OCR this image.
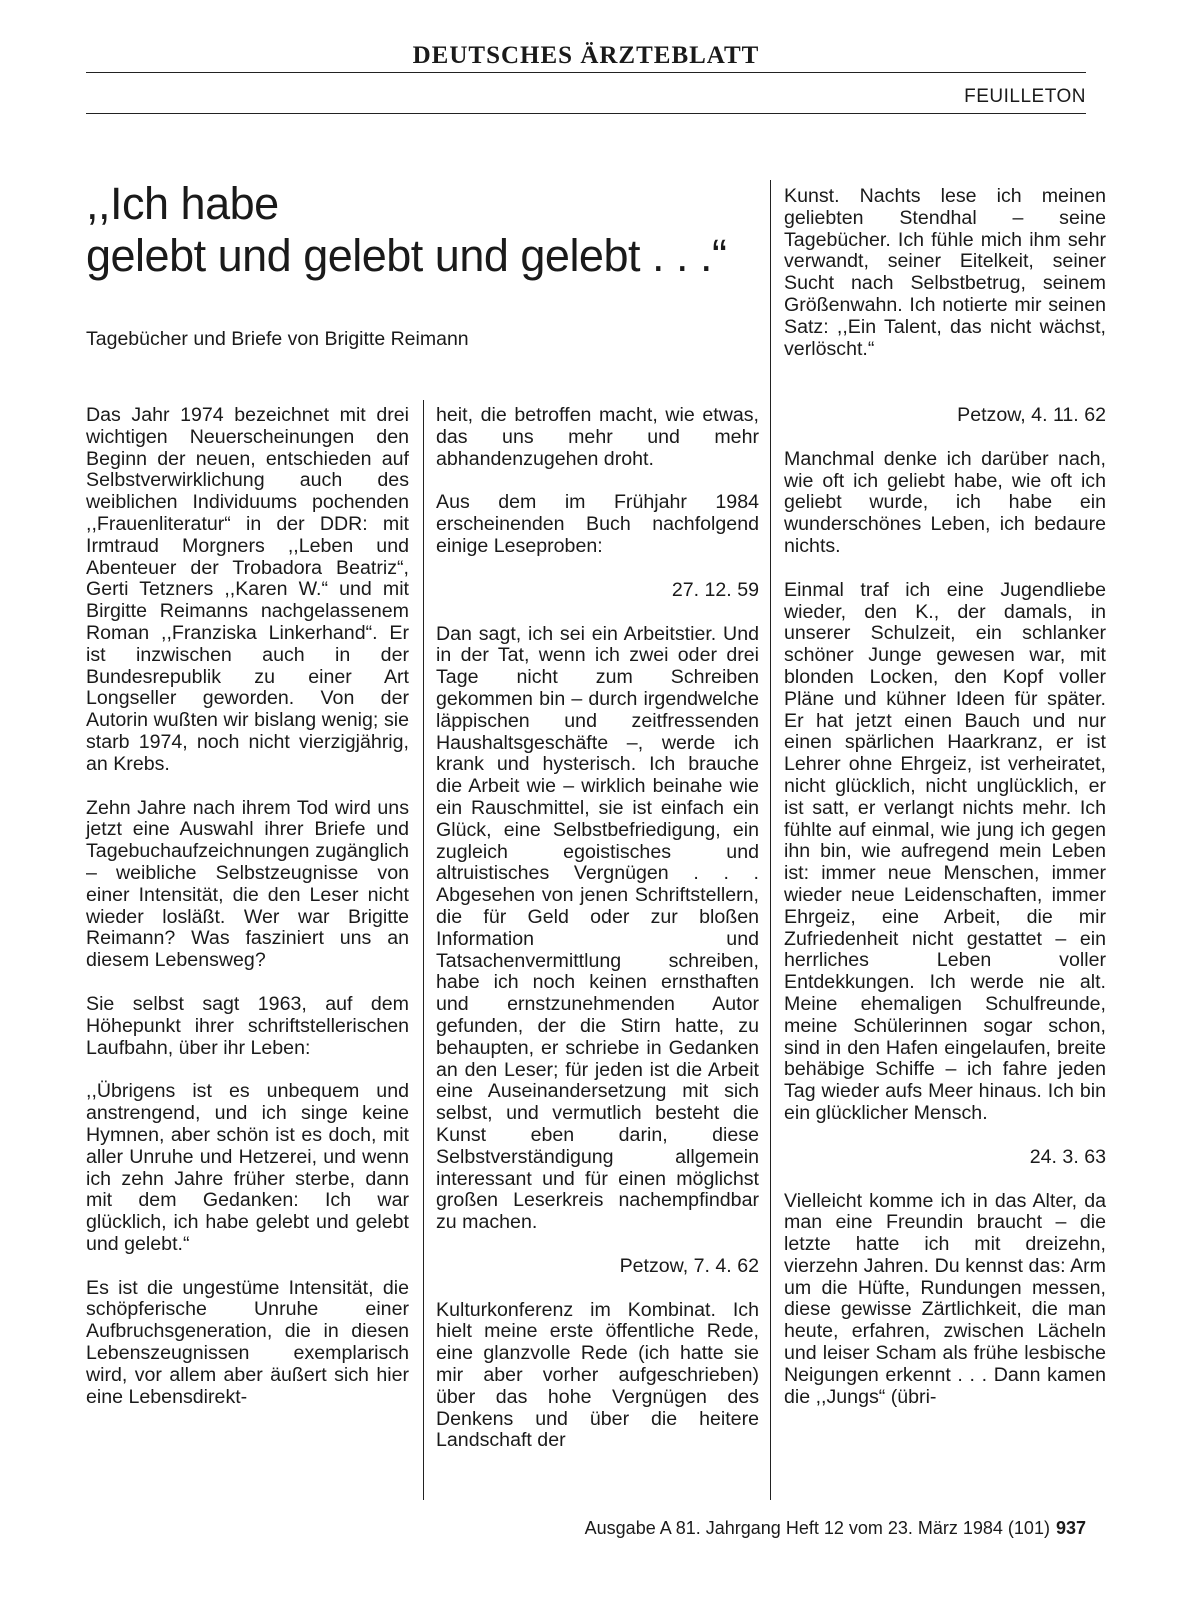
DEUTSCHES ÄRZTEBLATT
FEUILLETON
,,Ich habe
gelebt und gelebt und gelebt . . .“
Tagebücher und Briefe von Brigitte Reimann
Kunst. Nachts lese ich meinen geliebten Stendhal – seine Tagebücher. Ich fühle mich ihm sehr verwandt, seiner Eitelkeit, seiner Sucht nach Selbstbetrug, seinem Größenwahn. Ich notierte mir seinen Satz: ,,Ein Talent, das nicht wächst, verlöscht.“

Das Jahr 1974 bezeichnet mit drei wichtigen Neuerscheinungen den Beginn der neuen, entschieden auf Selbstverwirklichung auch des weiblichen Individuums pochenden ,,Frauenliteratur“ in der DDR: mit Irmtraud Morgners ,,Leben und Abenteuer der Trobadora Beatriz“, Gerti Tetzners ,,Karen W.“ und mit Birgitte Reimanns nachgelassenem Roman ,,Franziska Linkerhand“. Er ist inzwischen auch in der Bundesrepublik zu einer Art Longseller geworden. Von der Autorin wußten wir bislang wenig; sie starb 1974, noch nicht vierzigjährig, an Krebs.

Zehn Jahre nach ihrem Tod wird uns jetzt eine Auswahl ihrer Briefe und Tagebuchaufzeichnungen zugänglich – weibliche Selbstzeugnisse von einer Intensität, die den Leser nicht wieder losläßt. Wer war Brigitte Reimann? Was fasziniert uns an diesem Lebensweg?

Sie selbst sagt 1963, auf dem Höhepunkt ihrer schriftstellerischen Laufbahn, über ihr Leben:

,,Übrigens ist es unbequem und anstrengend, und ich singe keine Hymnen, aber schön ist es doch, mit aller Unruhe und Hetzerei, und wenn ich zehn Jahre früher sterbe, dann mit dem Gedanken: Ich war glücklich, ich habe gelebt und gelebt und gelebt.“

Es ist die ungestüme Intensität, die schöpferische Unruhe einer Aufbruchsgeneration, die in diesen Lebenszeugnissen exemplarisch wird, vor allem aber äußert sich hier eine Lebensdirekt-

heit, die betroffen macht, wie etwas, das uns mehr und mehr abhandenzugehen droht.

Aus dem im Frühjahr 1984 erscheinenden Buch nachfolgend einige Leseproben:

27. 12. 59

Dan sagt, ich sei ein Arbeitstier. Und in der Tat, wenn ich zwei oder drei Tage nicht zum Schreiben gekommen bin – durch irgendwelche läppischen und zeitfressenden Haushaltsgeschäfte –, werde ich krank und hysterisch. Ich brauche die Arbeit wie – wirklich beinahe wie ein Rauschmittel, sie ist einfach ein Glück, eine Selbstbefriedigung, ein zugleich egoistisches und altruistisches Vergnügen . . . Abgesehen von jenen Schriftstellern, die für Geld oder zur bloßen Information und Tatsachenvermittlung schreiben, habe ich noch keinen ernsthaften und ernstzunehmenden Autor gefunden, der die Stirn hatte, zu behaupten, er schriebe in Gedanken an den Leser; für jeden ist die Arbeit eine Auseinandersetzung mit sich selbst, und vermutlich besteht die Kunst eben darin, diese Selbstverständigung allgemein interessant und für einen möglichst großen Leserkreis nachempfindbar zu machen.

Petzow, 7. 4. 62

Kulturkonferenz im Kombinat. Ich hielt meine erste öffentliche Rede, eine glanzvolle Rede (ich hatte sie mir aber vorher aufgeschrieben) über das hohe Vergnügen des Denkens und über die heitere Landschaft der

Petzow, 4. 11. 62

Manchmal denke ich darüber nach, wie oft ich geliebt habe, wie oft ich geliebt wurde, ich habe ein wunderschönes Leben, ich bedaure nichts.

Einmal traf ich eine Jugendliebe wieder, den K., der damals, in unserer Schulzeit, ein schlanker schöner Junge gewesen war, mit blonden Locken, den Kopf voller Pläne und kühner Ideen für später. Er hat jetzt einen Bauch und nur einen spärlichen Haarkranz, er ist Lehrer ohne Ehrgeiz, ist verheiratet, nicht glücklich, nicht unglücklich, er ist satt, er verlangt nichts mehr. Ich fühlte auf einmal, wie jung ich gegen ihn bin, wie aufregend mein Leben ist: immer neue Menschen, immer wieder neue Leidenschaften, immer Ehrgeiz, eine Arbeit, die mir Zufriedenheit nicht gestattet – ein herrliches Leben voller Entdekkungen. Ich werde nie alt. Meine ehemaligen Schulfreunde, meine Schülerinnen sogar schon, sind in den Hafen eingelaufen, breite behäbige Schiffe – ich fahre jeden Tag wieder aufs Meer hinaus. Ich bin ein glücklicher Mensch.

24. 3. 63

Vielleicht komme ich in das Alter, da man eine Freundin braucht – die letzte hatte ich mit dreizehn, vierzehn Jahren. Du kennst das: Arm um die Hüfte, Rundungen messen, diese gewisse Zärtlichkeit, die man heute, erfahren, zwischen Lächeln und leiser Scham als frühe lesbische Neigungen erkennt . . . Dann kamen die ,,Jungs“ (übri-

Ausgabe A 81. Jahrgang Heft 12 vom 23. März 1984 (101) 937
